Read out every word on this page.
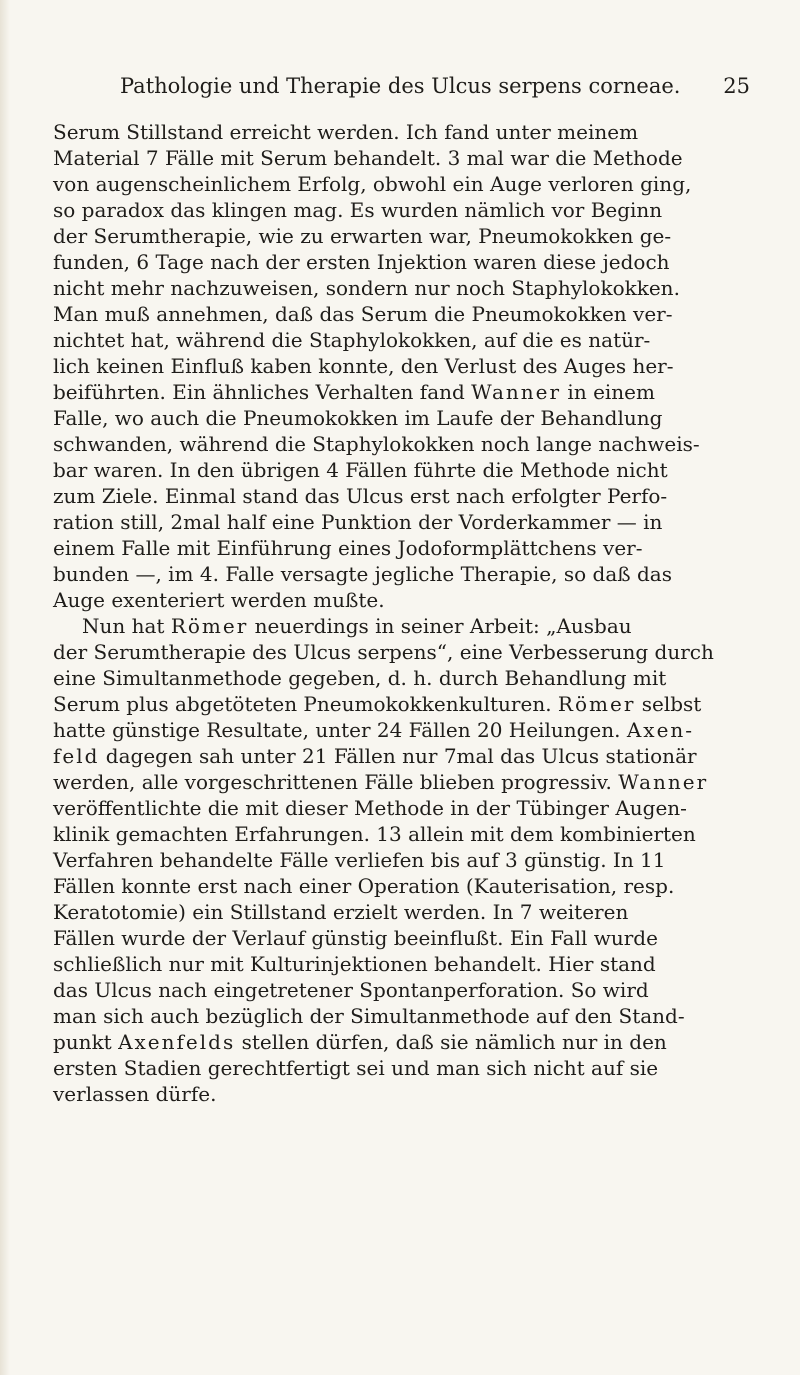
Pathologie und Therapie des Ulcus serpens corneae. 25
Serum Stillstand erreicht werden. Ich fand unter meinem
Material 7 Fälle mit Serum behandelt. 3 mal war die Methode
von augenscheinlichem Erfolg, obwohl ein Auge verloren ging,
so paradox das klingen mag. Es wurden nämlich vor Beginn
der Serumtherapie, wie zu erwarten war, Pneumokokken ge-
funden, 6 Tage nach der ersten Injektion waren diese jedoch
nicht mehr nachzuweisen, sondern nur noch Staphylokokken.
Man muß annehmen, daß das Serum die Pneumokokken ver-
nichtet hat, während die Staphylokokken, auf die es natür-
lich keinen Einfluß kaben konnte, den Verlust des Auges her-
beiführten. Ein ähnliches Verhalten fand Wanner in einem
Falle, wo auch die Pneumokokken im Laufe der Behandlung
schwanden, während die Staphylokokken noch lange nachweis-
bar waren. In den übrigen 4 Fällen führte die Methode nicht
zum Ziele. Einmal stand das Ulcus erst nach erfolgter Perfo-
ration still, 2mal half eine Punktion der Vorderkammer — in
einem Falle mit Einführung eines Jodoformplättchens ver-
bunden —, im 4. Falle versagte jegliche Therapie, so daß das
Auge exenteriert werden mußte.
Nun hat Römer neuerdings in seiner Arbeit: „Ausbau
der Serumtherapie des Ulcus serpens“, eine Verbesserung durch
eine Simultanmethode gegeben, d. h. durch Behandlung mit
Serum plus abgetöteten Pneumokokkenkulturen. Römer selbst
hatte günstige Resultate, unter 24 Fällen 20 Heilungen. Axen-
feld dagegen sah unter 21 Fällen nur 7mal das Ulcus stationär
werden, alle vorgeschrittenen Fälle blieben progressiv. Wanner
veröffentlichte die mit dieser Methode in der Tübinger Augen-
klinik gemachten Erfahrungen. 13 allein mit dem kombinierten
Verfahren behandelte Fälle verliefen bis auf 3 günstig. In 11
Fällen konnte erst nach einer Operation (Kauterisation, resp.
Keratotomie) ein Stillstand erzielt werden. In 7 weiteren
Fällen wurde der Verlauf günstig beeinflußt. Ein Fall wurde
schließlich nur mit Kulturinjektionen behandelt. Hier stand
das Ulcus nach eingetretener Spontanperforation. So wird
man sich auch bezüglich der Simultanmethode auf den Stand-
punkt Axenfelds stellen dürfen, daß sie nämlich nur in den
ersten Stadien gerechtfertigt sei und man sich nicht auf sie
verlassen dürfe.
